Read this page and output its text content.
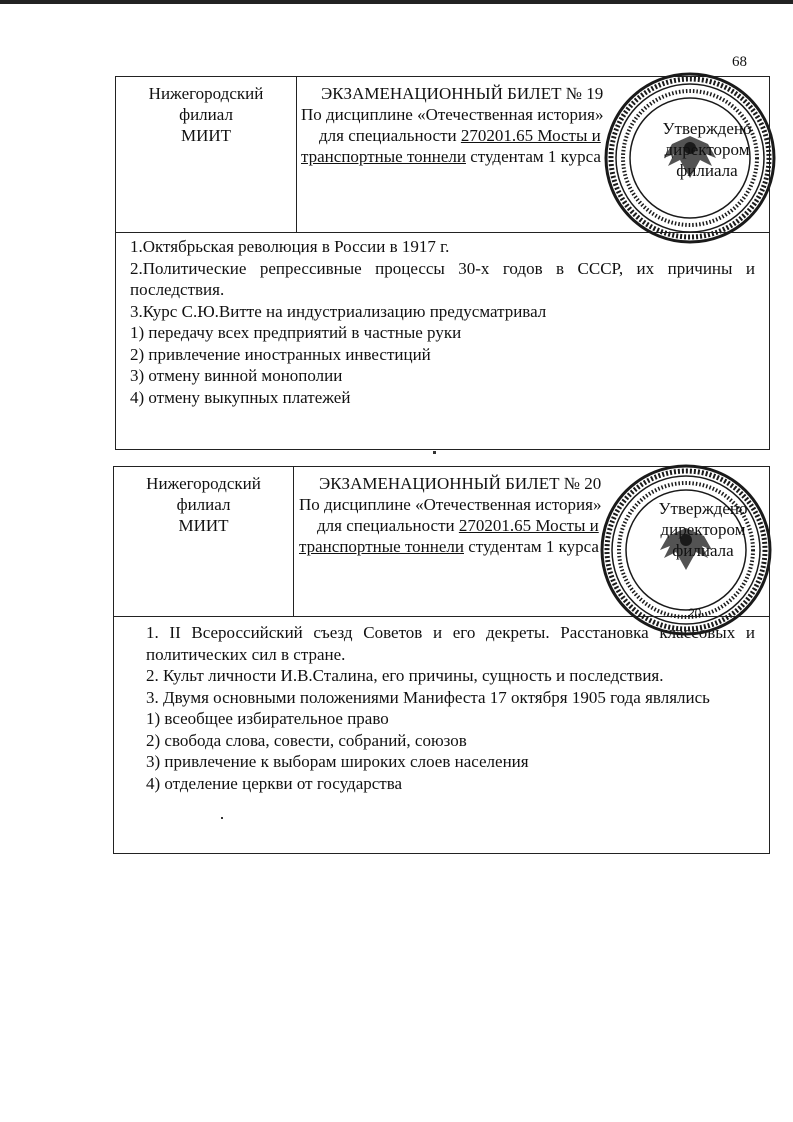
68
Нижегородский
филиал
МИИТ
ЭКЗАМЕНАЦИОННЫЙ БИЛЕТ № 19
По дисциплине «Отечественная история»
для специальности 270201.65 Мосты и
транспортные тоннели студентам 1 курса

1.Октябрьская революция в России в 1917 г.

2.Политические репрессивные процессы 30-х годов в СССР, их причины и последствия.

3.Курс С.Ю.Витте на индустриализацию предусматривал

1) передачу всех предприятий в частные руки

2) привлечение иностранных инвестиций

3) отмену винной монополии

4) отмену выкупных платежей

Утверждено
директором
филиала
Нижегородский
филиал
МИИТ
ЭКЗАМЕНАЦИОННЫЙ БИЛЕТ № 20
По дисциплине «Отечественная история»
для специальности 270201.65 Мосты и
транспортные тоннели студентам 1 курса

1. II Всероссийский съезд Советов и его декреты. Расстановка классовых и политических сил в стране.

2. Культ личности И.В.Сталина, его причины, сущность и последствия.

3. Двумя основными положениями Манифеста 17 октября 1905 года являлись

1) всеобщее избирательное право

2) свобода слова, совести, собраний, союзов

3) привлечение к выборам широких слоев населения

4) отделение церкви от государства

Утверждено
директором
филиала
20
